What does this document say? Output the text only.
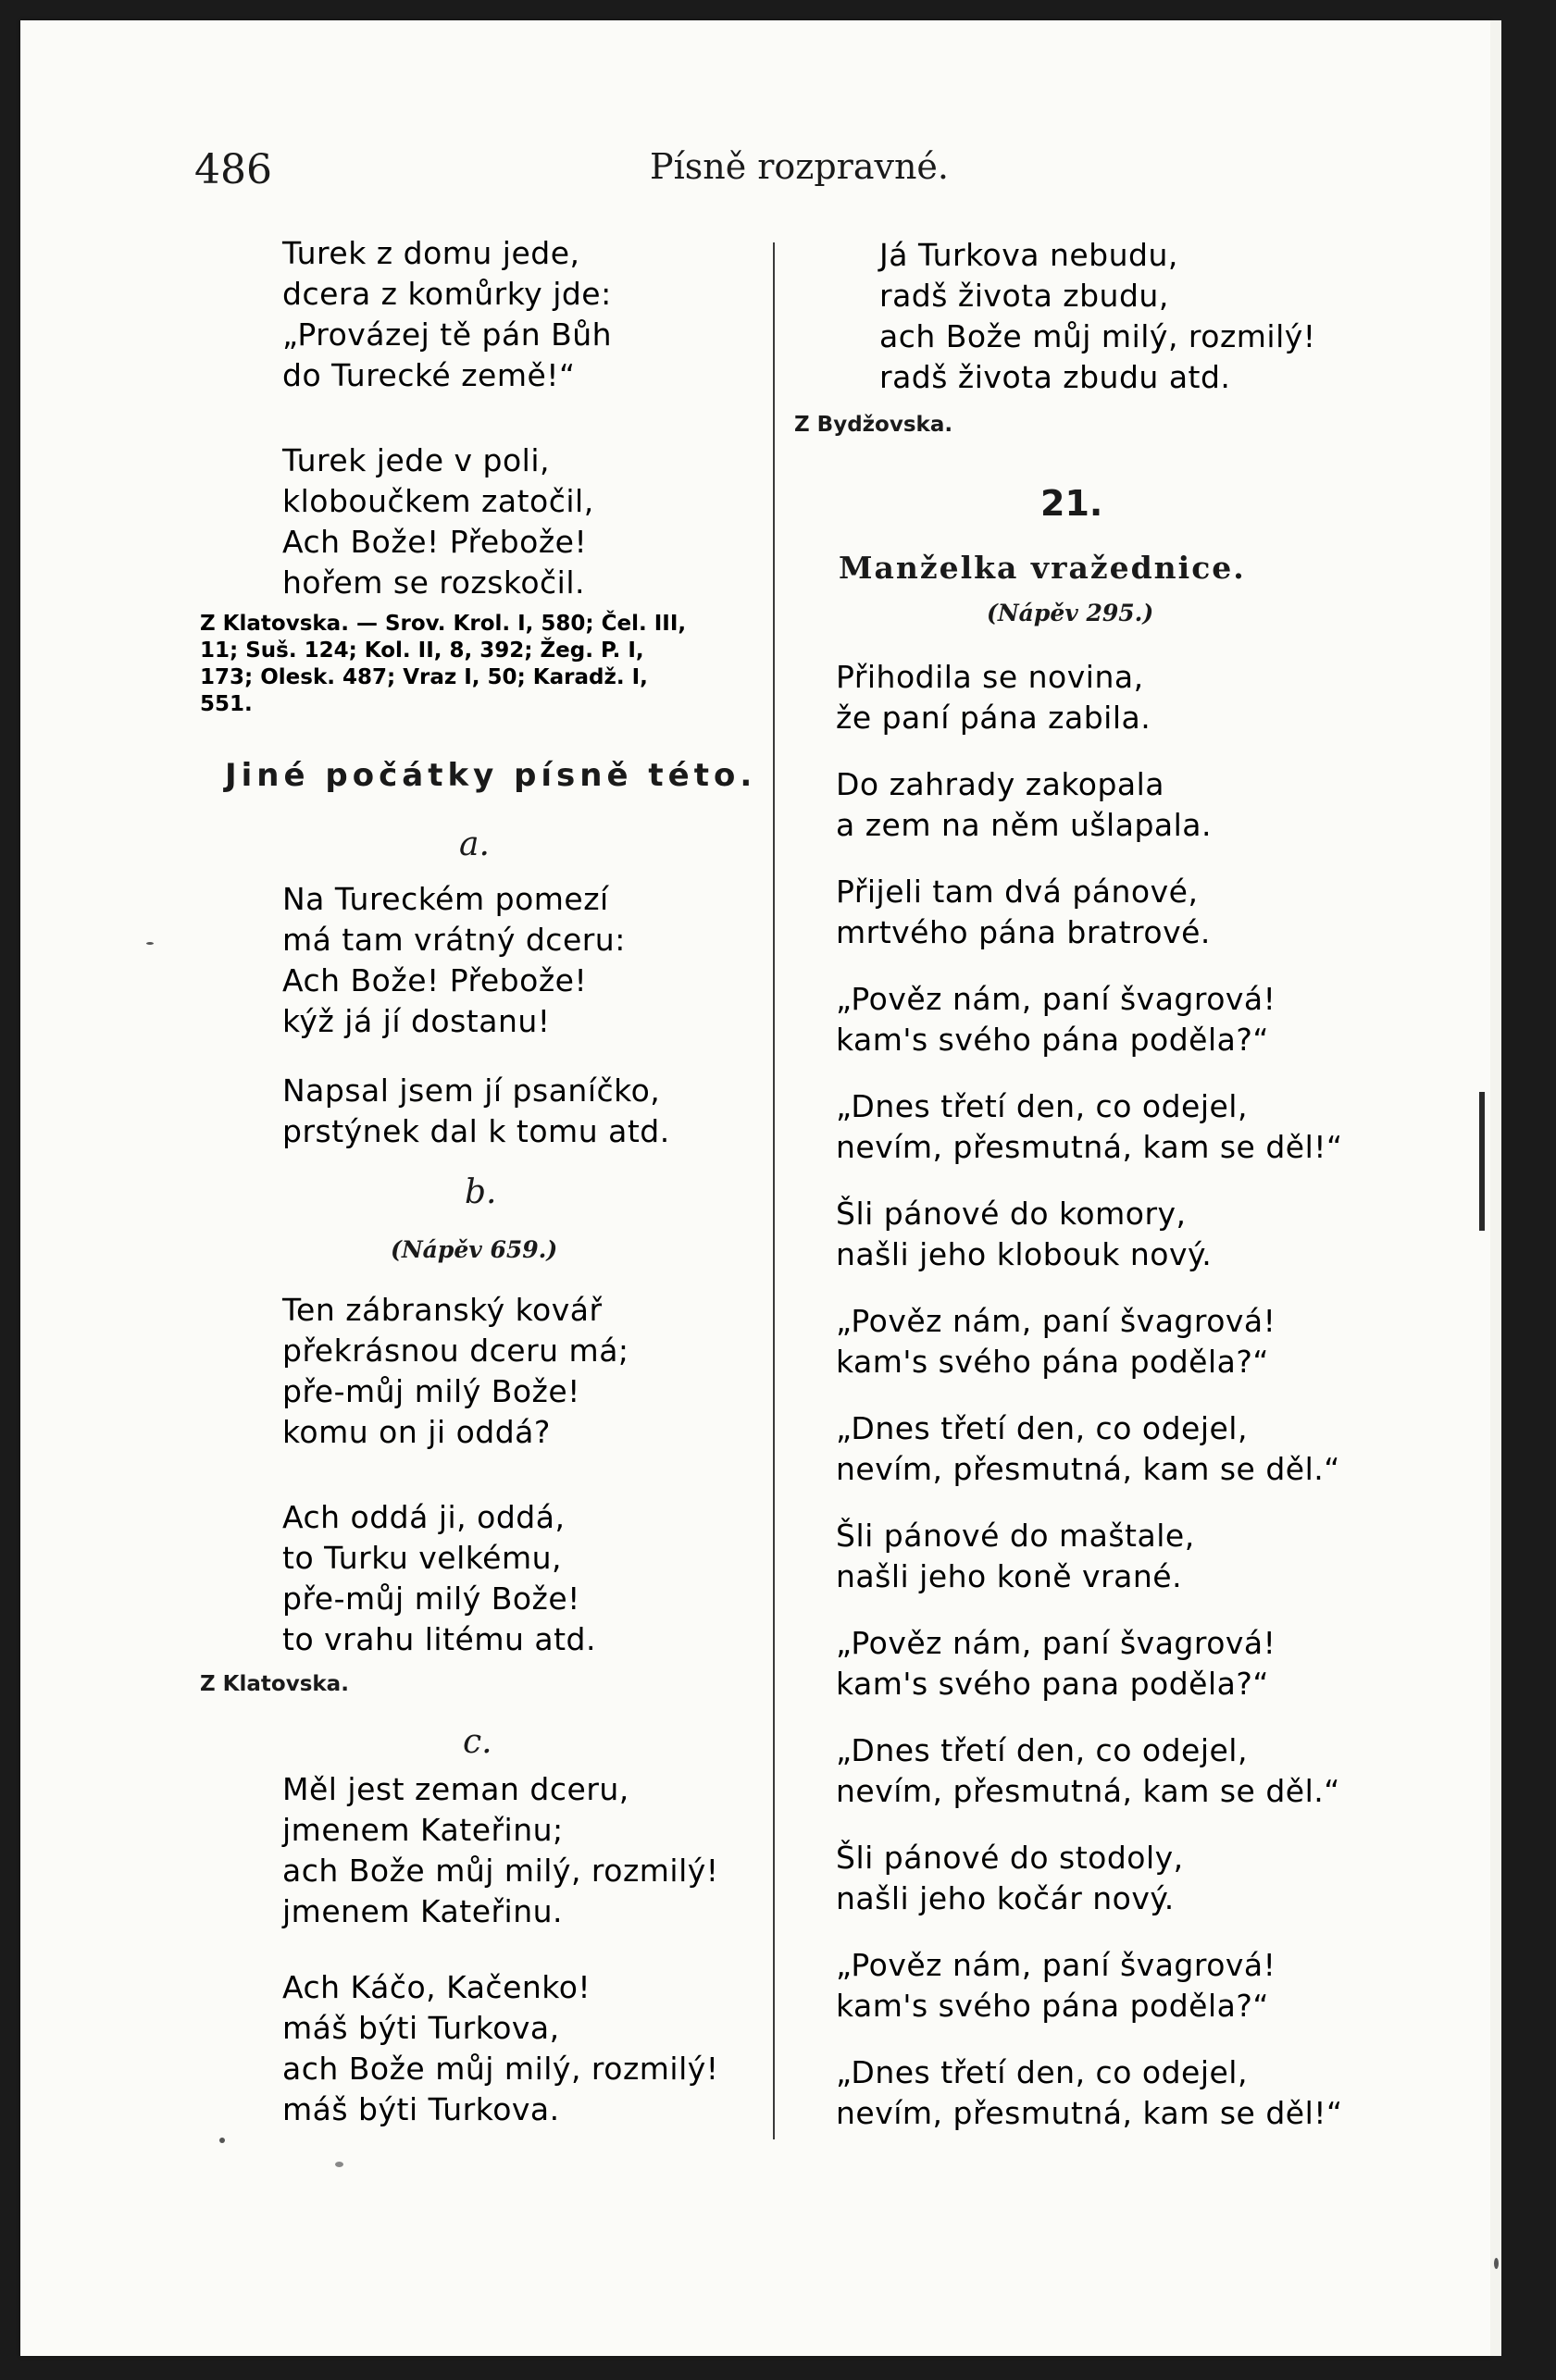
486	Písně rozpravné.
Turek z domu jede,
dcera z komůrky jde:
„Provázej tě pán Bůh
do Turecké země!“
Turek jede v poli,
kloboučkem zatočil,
Ach Bože! Přebože!
hořem se rozskočil.
Z Klatovska. — Srov. Krol. I, 580; Čel. III,
11; Suš. 124; Kol. II, 8, 392; Žeg. P. I,
173; Olesk. 487; Vraz I, 50; Karadž. I,
551.
Jiné počátky písně této.
a.
Na Tureckém pomezí
má tam vrátný dceru:
Ach Bože! Přebože!
kýž já jí dostanu!
Napsal jsem jí psaníčko,
prstýnek dal k tomu atd.
b.
(Nápěv 659.)
Ten zábranský kovář
překrásnou dceru má;
pře-můj milý Bože!
komu on ji oddá?
Ach oddá ji, oddá,
to Turku velkému,
pře-můj milý Bože!
to vrahu litému atd.
Z Klatovska.
c.
Měl jest zeman dceru,
jmenem Kateřinu;
ach Bože můj milý, rozmilý!
jmenem Kateřinu.
Ach Káčo, Kačenko!
máš býti Turkova,
ach Bože můj milý, rozmilý!
máš býti Turkova.
Já Turkova nebudu,
radš života zbudu,
ach Bože můj milý, rozmilý!
radš života zbudu atd.
Z Bydžovska.
21.
Manželka vražednice.
(Nápěv 295.)
Přihodila se novina,
že paní pána zabila.
Do zahrady zakopala
a zem na něm ušlapala.
Přijeli tam dvá pánové,
mrtvého pána bratrové.
„Pověz nám, paní švagrová!
kam's svého pána poděla?“
„Dnes třetí den, co odejel,
nevím, přesmutná, kam se děl!“
Šli pánové do komory,
našli jeho klobouk nový.
„Pověz nám, paní švagrová!
kam's svého pána poděla?“
„Dnes třetí den, co odejel,
nevím, přesmutná, kam se děl.“
Šli pánové do maštale,
našli jeho koně vrané.
„Pověz nám, paní švagrová!
kam's svého pana poděla?“
„Dnes třetí den, co odejel,
nevím, přesmutná, kam se děl.“
Šli pánové do stodoly,
našli jeho kočár nový.
„Pověz nám, paní švagrová!
kam's svého pána poděla?“
„Dnes třetí den, co odejel,
nevím, přesmutná, kam se děl!“
